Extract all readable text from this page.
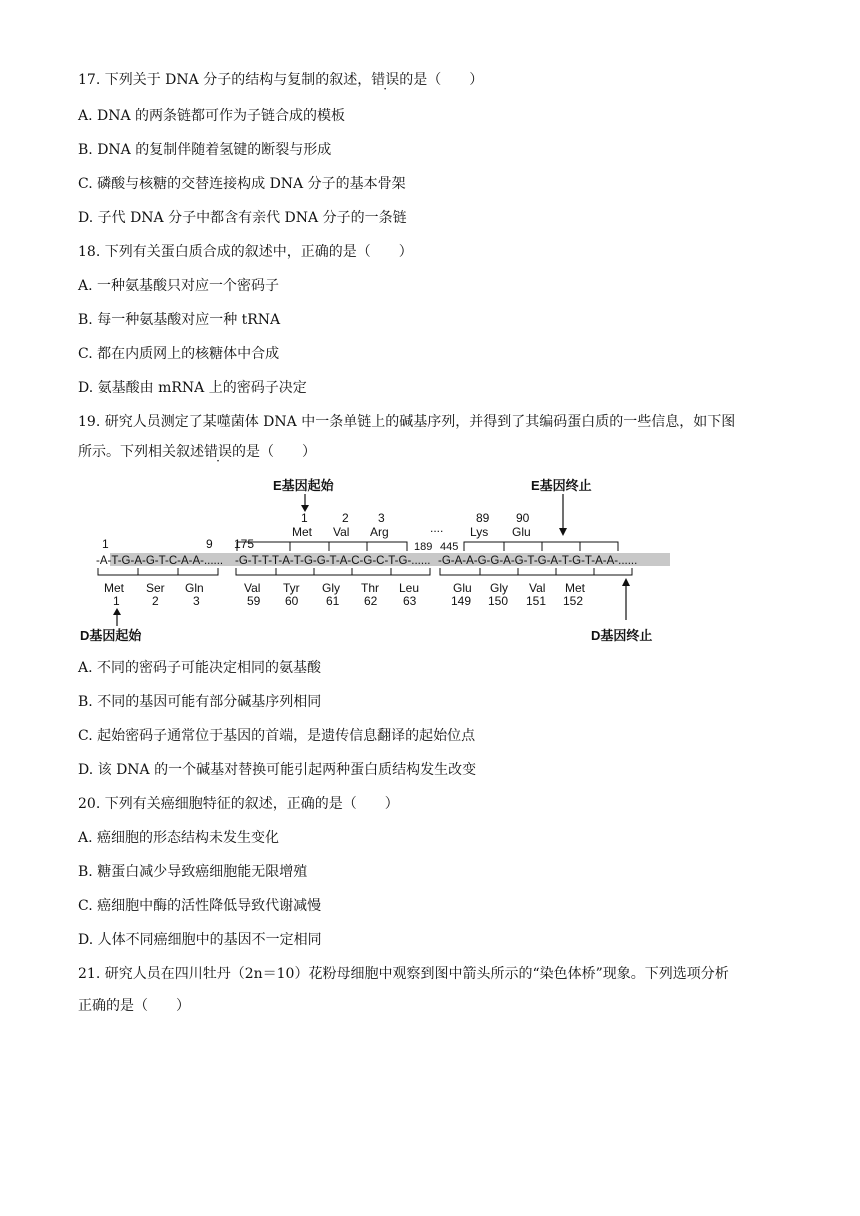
17. 下列关于 DNA 分子的结构与复制的叙述，错误的是（　　）
A. DNA 的两条链都可作为子链合成的模板
B. DNA 的复制伴随着氢键的断裂与形成
C. 磷酸与核糖的交替连接构成 DNA 分子的基本骨架
D. 子代 DNA 分子中都含有亲代 DNA 分子的一条链
18. 下列有关蛋白质合成的叙述中，正确的是（　　）
A. 一种氨基酸只对应一个密码子
B. 每一种氨基酸对应一种 tRNA
C. 都在内质网上的核糖体中合成
D. 氨基酸由 mRNA 上的密码子决定
19. 研究人员测定了某噬菌体 DNA 中一条单链上的碱基序列，并得到了其编码蛋白质的一些信息，如下图
所示。下列相关叙述错误的是（　　）
-A-T-G-A-G-T-C-A-A-...... -G-T-T-T-A-T-G-G-T-A-C-G-C-T-G-...... -G-A-A-G-G-A-G-T-G-A-T-G-T-A-A-......
1	9 175	189 445
....
E基因起始	E基因终止
1
Met
2
Val
3
Arg
89
Lys
90
Glu
Met
1
Ser
2
Gln
3
Val
59
Tyr
60
Gly
61
Thr
62
Leu
63
Glu
149
Gly
150
Val
151
Met
152
D基因起始	D基因终止
A. 不同的密码子可能决定相同的氨基酸
B. 不同的基因可能有部分碱基序列相同
C. 起始密码子通常位于基因的首端，是遗传信息翻译的起始位点
D. 该 DNA 的一个碱基对替换可能引起两种蛋白质结构发生改变
20. 下列有关癌细胞特征的叙述，正确的是（　　）
A. 癌细胞的形态结构未发生变化
B. 糖蛋白减少导致癌细胞能无限增殖
C. 癌细胞中酶的活性降低导致代谢减慢
D. 人体不同癌细胞中的基因不一定相同
21. 研究人员在四川牡丹（2n＝10）花粉母细胞中观察到图中箭头所示的“染色体桥”现象。下列选项分析
正确的是（　　）
